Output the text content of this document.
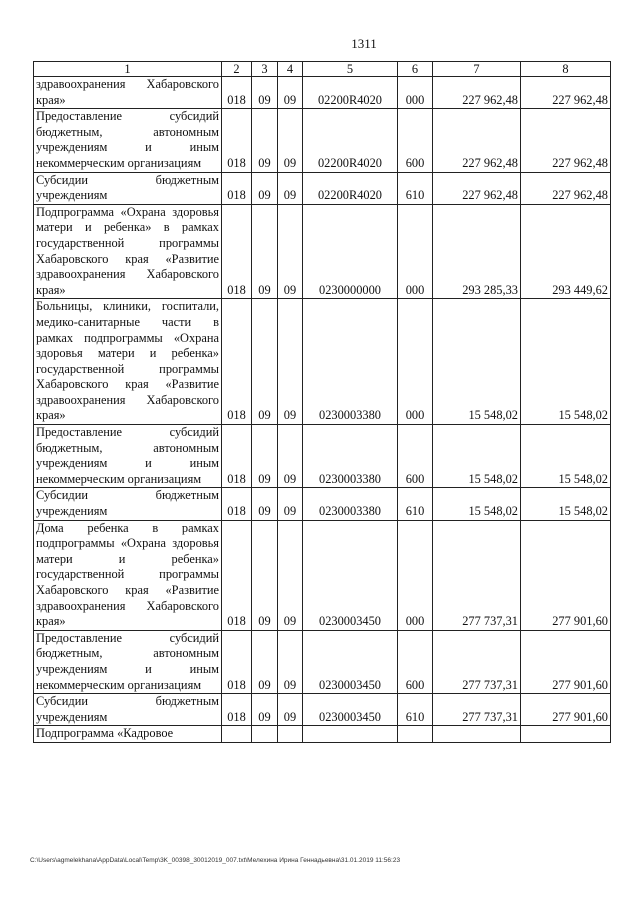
1311
1	2	3	4	5	6	7	8
здравоохранения Хабаровского края»	018	09	09	02200R4020	000	227 962,48	227 962,48
Предоставление субсидий бюджетным, автономным учреждениям и иным некоммерческим организациям	018	09	09	02200R4020	600	227 962,48	227 962,48
Субсидии бюджетным учреждениям	018	09	09	02200R4020	610	227 962,48	227 962,48
Подпрограмма «Охрана здоровья матери и ребенка» в рамках государственной программы Хабаровского края «Развитие здравоохранения Хабаровского края»	018	09	09	0230000000	000	293 285,33	293 449,62
Больницы, клиники, госпитали, медико-санитарные части в рамках подпрограммы «Охрана здоровья матери и ребенка» государственной программы Хабаровского края «Развитие здравоохранения Хабаровского края»	018	09	09	0230003380	000	15 548,02	15 548,02
Предоставление субсидий бюджетным, автономным учреждениям и иным некоммерческим организациям	018	09	09	0230003380	600	15 548,02	15 548,02
Субсидии бюджетным учреждениям	018	09	09	0230003380	610	15 548,02	15 548,02
Дома ребенка в рамках подпрограммы «Охрана здоровья матери и ребенка» государственной программы Хабаровского края «Развитие здравоохранения Хабаровского края»	018	09	09	0230003450	000	277 737,31	277 901,60
Предоставление субсидий бюджетным, автономным учреждениям и иным некоммерческим организациям	018	09	09	0230003450	600	277 737,31	277 901,60
Субсидии бюджетным учреждениям	018	09	09	0230003450	610	277 737,31	277 901,60
Подпрограмма «Кадровое							
C:\Users\agmelekhana\AppData\Local\Temp\3K_00398_30012019_007.txt\Мелехина Ирина Геннадьевна\31.01.2019 11:56:23
